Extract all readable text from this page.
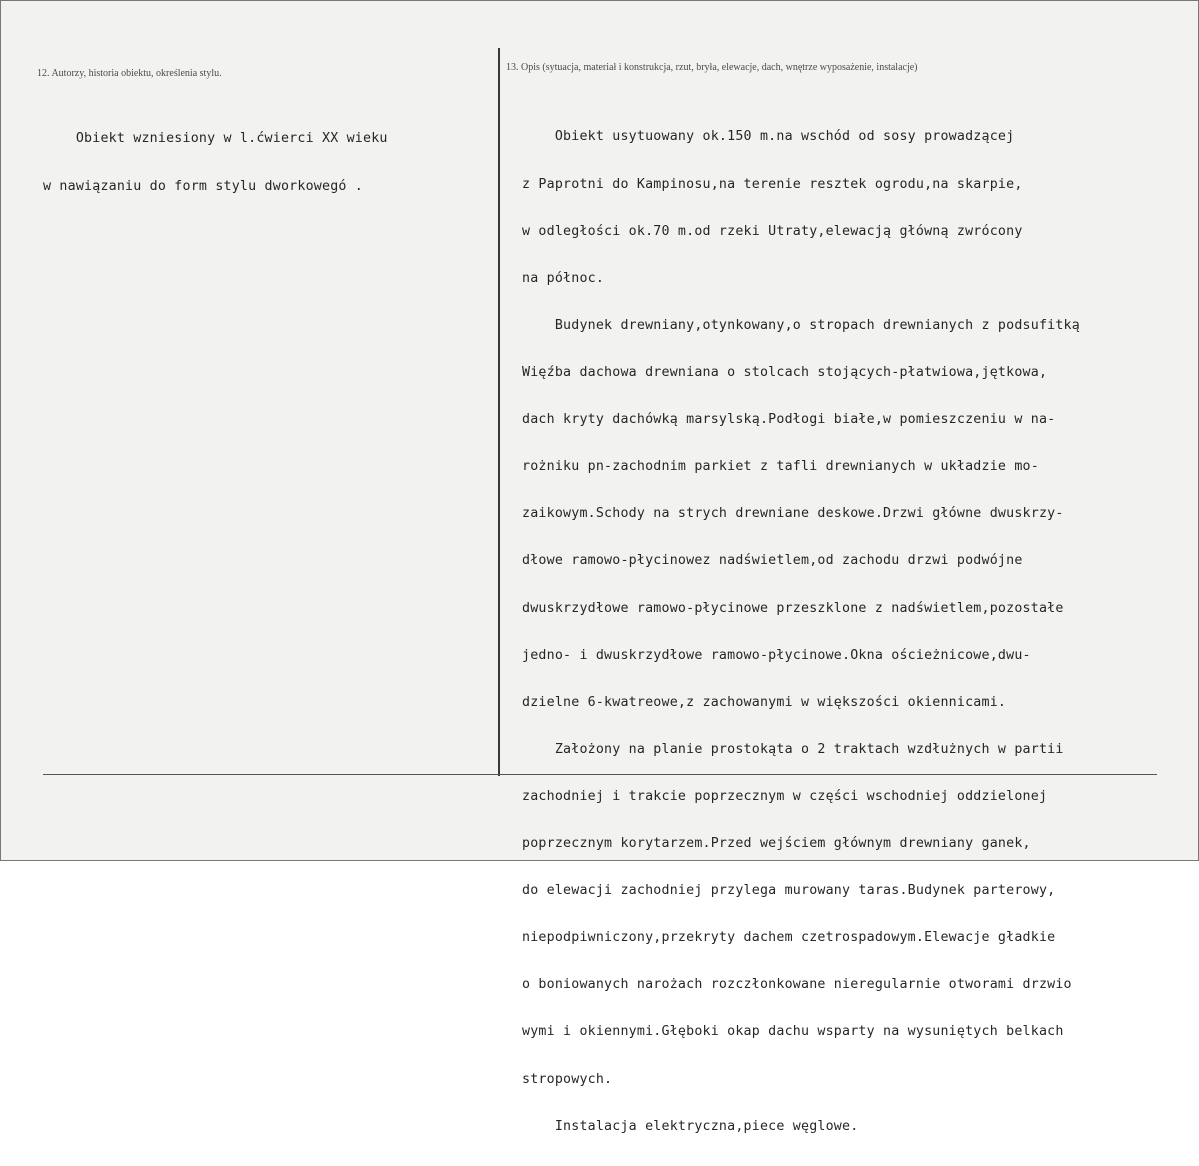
12. Autorzy, historia obiektu, określenia stylu.
13. Opis (sytuacja, materiał i konstrukcja, rzut, bryła, elewacje, dach, wnętrze wyposażenie, instalacje)

Obiekt wzniesiony w l.ćwierci XX wieku

w nawiązaniu do form stylu dworkowegó .

Obiekt usytuowany ok.150 m.na wschód od sosy prowadzącej

z Paprotni do Kampinosu,na terenie resztek ogrodu,na skarpie,

w odległości ok.70 m.od rzeki Utraty,elewacją główną zwrócony

na północ.

Budynek drewniany,otynkowany,o stropach drewnianych z podsufitką

Więźba dachowa drewniana o stolcach stojących-płatwiowa,jętkowa,

dach kryty dachówką marsylską.Podłogi białe,w pomieszczeniu w na-

rożniku pn-zachodnim parkiet z tafli drewnianych w układzie mo-

zaikowym.Schody na strych drewniane deskowe.Drzwi główne dwuskrzy-

dłowe ramowo-płycinowez nadświetlem,od zachodu drzwi podwójne

dwuskrzydłowe ramowo-płycinowe przeszklone z nadświetlem,pozostałe

jedno- i dwuskrzydłowe ramowo-płycinowe.Okna ościeżnicowe,dwu-

dzielne 6-kwatreowe,z zachowanymi w większości okiennicami.

Założony na planie prostokąta o 2 traktach wzdłużnych w partii

zachodniej i trakcie poprzecznym w części wschodniej oddzielonej

poprzecznym korytarzem.Przed wejściem głównym drewniany ganek,

do elewacji zachodniej przylega murowany taras.Budynek parterowy,

niepodpiwniczony,przekryty dachem czetrospadowym.Elewacje gładkie

o boniowanych narożach rozczłonkowane nieregularnie otworami drzwio

wymi i okiennymi.Głęboki okap dachu wsparty na wysuniętych belkach

stropowych.

Instalacja elektryczna,piece węglowe.
